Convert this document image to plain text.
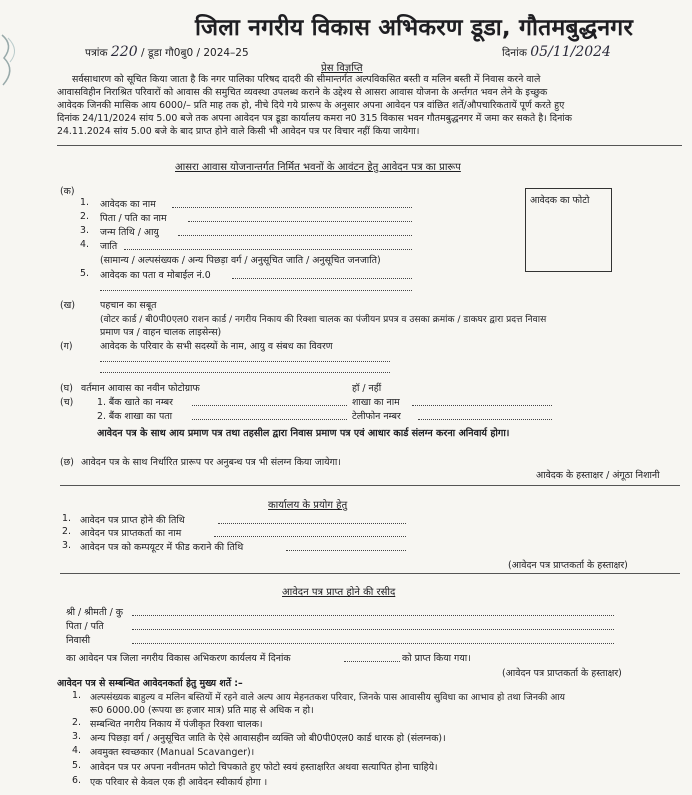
जिला नगरीय विकास अभिकरण डूडा, गौतमबुद्धनगर
पत्रांक 220 / डूडा गौ0बु0 / 2024–25	दिनांक 05/11/2024
प्रेस विज्ञप्ति
सर्वसाधारण को सूचित किया जाता है कि नगर पालिका परिषद दादरी की सीमान्तर्गत अल्पविकसित बस्ती व मलिन बस्ती में निवास करने वाले
आवासविहीन निराश्रित परिवारों को आवास की समुचित व्यवस्था उपलब्ध कराने के उद्देश्य से आसरा आवास योजना के अर्न्तगत भवन लेने के इच्छुक
आवेदक जिनकी मासिक आय 6000/– प्रति माह तक हो, नीचे दिये गये प्रारूप के अनुसार अपना आवेदन पत्र वांछित शर्ते/औपचारिकतायें पूर्ण करते हुए
दिनांक 24/11/2024 सांय 5.00 बजे तक अपना आवेदन पत्र डूडा कार्यालय कमरा न0 315 विकास भवन गौतमबुद्धनगर में जमा कर सकते है। दिनांक
24.11.2024 सांय 5.00 बजे के बाद प्राप्त होने वाले किसी भी आवेदन पत्र पर विचार नहीं किया जायेगा।
आसरा आवास योजनान्तर्गत निर्मित भवनों के आवंटन हेतु आवेदन पत्र का प्रारूप
(क)
आवेदक का फोटो
1. आवेदक का नाम
2. पिता / पति का नाम
3. जन्म तिथि / आयु
4. जाति
(सामान्य / अल्पसंख्यक / अन्य पिछड़ा वर्ग / अनुसूचित जाति / अनुसूचित जनजाति)
5. आवेदक का पता व मोबाईल नं.0
(ख)	पहचान का सबूत
(वोटर कार्ड / बी0पी0एल0 राशन कार्ड / नगरीय निकाय की रिक्शा चालक का पंजीयन प्रपत्र व उसका क्रमांक / डाकघर द्वारा प्रदत्त निवास
प्रमाण पत्र / वाहन चालक लाइसेन्स)
(ग)	आवेदक के परिवार के सभी सदस्यों के नाम, आयु व संबध का विवरण
(घ) वर्तमान आवास का नवीन फोटोग्राफ	हॉ / नहीं
(च)	1. बैंक खाते का नम्बर	शाखा का नाम
2. बैंक शाखा का पता	टेलीफोन नम्बर
आवेदन पत्र के साथ आय प्रमाण पत्र तथा तहसील द्वारा निवास प्रमाण पत्र एवं आधार कार्ड संलग्न करना अनिवार्य होगा।
(छ) आवेदन पत्र के साथ निर्धारित प्रारूप पर अनुबन्ध पत्र भी संलग्न किया जायेगा।
आवेदक के हस्ताक्षर / अंगूठा निशानी
कार्यालय के प्रयोग हेतु
1. आवेदन पत्र प्राप्त होने की तिथि
2. आवेदन पत्र प्राप्तकर्ता का नाम
3. आवेदन पत्र को कम्पयूटर में फीड कराने की तिथि
(आवेदन पत्र प्राप्तकर्ता के हस्ताक्षर)
आवेदन पत्र प्राप्त होने की रसीद
श्री / श्रीमती / कु
पिता / पति
निवासी
का आवेदन पत्र जिला नगरीय विकास अभिकरण कार्यलय में दिनांक	को प्राप्त किया गया।
(आवेदन पत्र प्राप्तकर्ता के हस्ताक्षर)
आवेदन पत्र से सम्बन्धित आवेदनकर्ता हेतु मुख्य शर्ते :–
1. अल्पसंख्यक बाहुल्य व मलिन बस्तियों में रहने वाले अल्प आय मेहनतकश परिवार, जिनके पास आवासीय सुविधा का आभाव हो तथा जिनकी आय
रू0 6000.00 (रूपया छः हजार मात्र) प्रति माह से अधिक न हो।
2. सम्बन्धित नगरीय निकाय में पंजीकृत रिक्शा चालक।
3. अन्य पिछड़ा वर्ग / अनुसूचित जाति के ऐसे आवासहीन व्यक्ति जो बी0पी0एल0 कार्ड धारक हो (संलग्नक)।
4. अवमुक्त स्वच्छकार (Manual Scavanger)।
5. आवेदन पत्र पर अपना नवीनतम फोटो चिपकाते हुए फोटो स्वयं हस्ताक्षरित अथवा सत्यापित होना चाहिये।
6. एक परिवार से केवल एक ही आवेदन स्वीकार्य होगा ।
